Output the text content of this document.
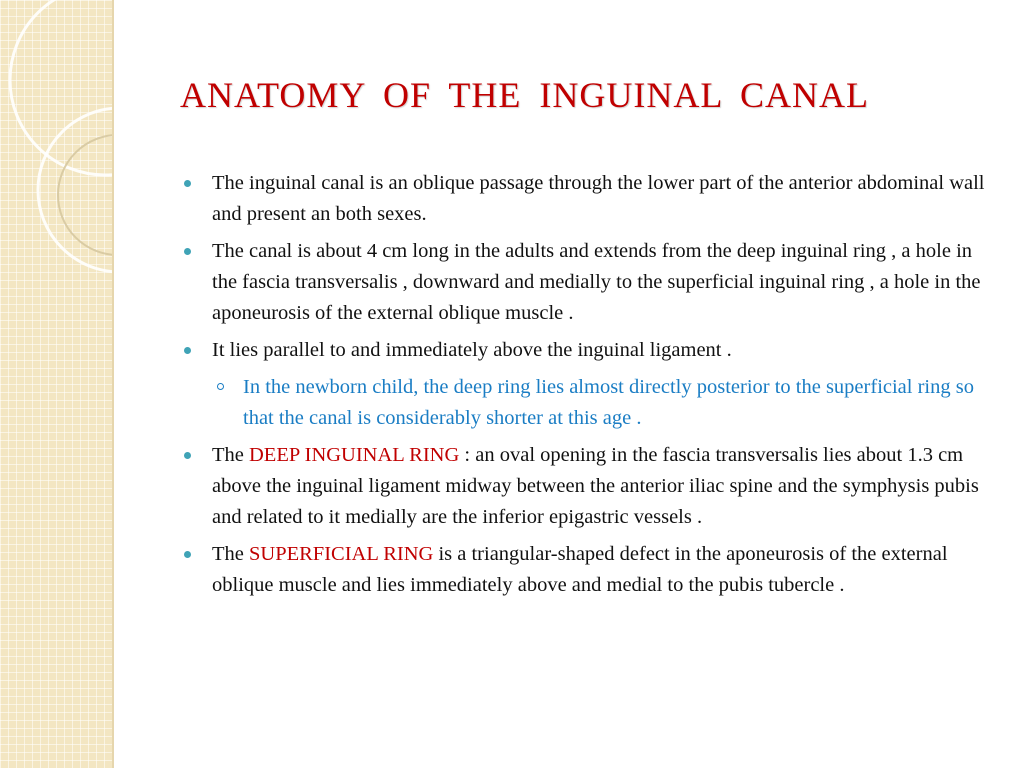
ANATOMY OF THE INGUINAL CANAL
The inguinal canal is an oblique passage through the lower part of the anterior abdominal wall and present an both sexes.
The canal is about 4 cm long in the adults and extends from the deep inguinal ring , a hole in the fascia transversalis , downward and medially to the superficial inguinal ring , a hole in the aponeurosis of the external oblique muscle .
It lies parallel to and immediately above the inguinal ligament .
In the newborn child, the deep ring lies almost directly posterior to the superficial ring so that the canal is considerably shorter at this age .
The DEEP INGUINAL RING : an oval opening in the fascia transversalis lies about 1.3 cm above the inguinal ligament midway between the anterior iliac spine and the symphysis pubis and related to it medially are the inferior epigastric vessels .
The SUPERFICIAL RING is a triangular-shaped defect in the aponeurosis of the external oblique muscle and lies immediately above and medial to the pubis tubercle .
